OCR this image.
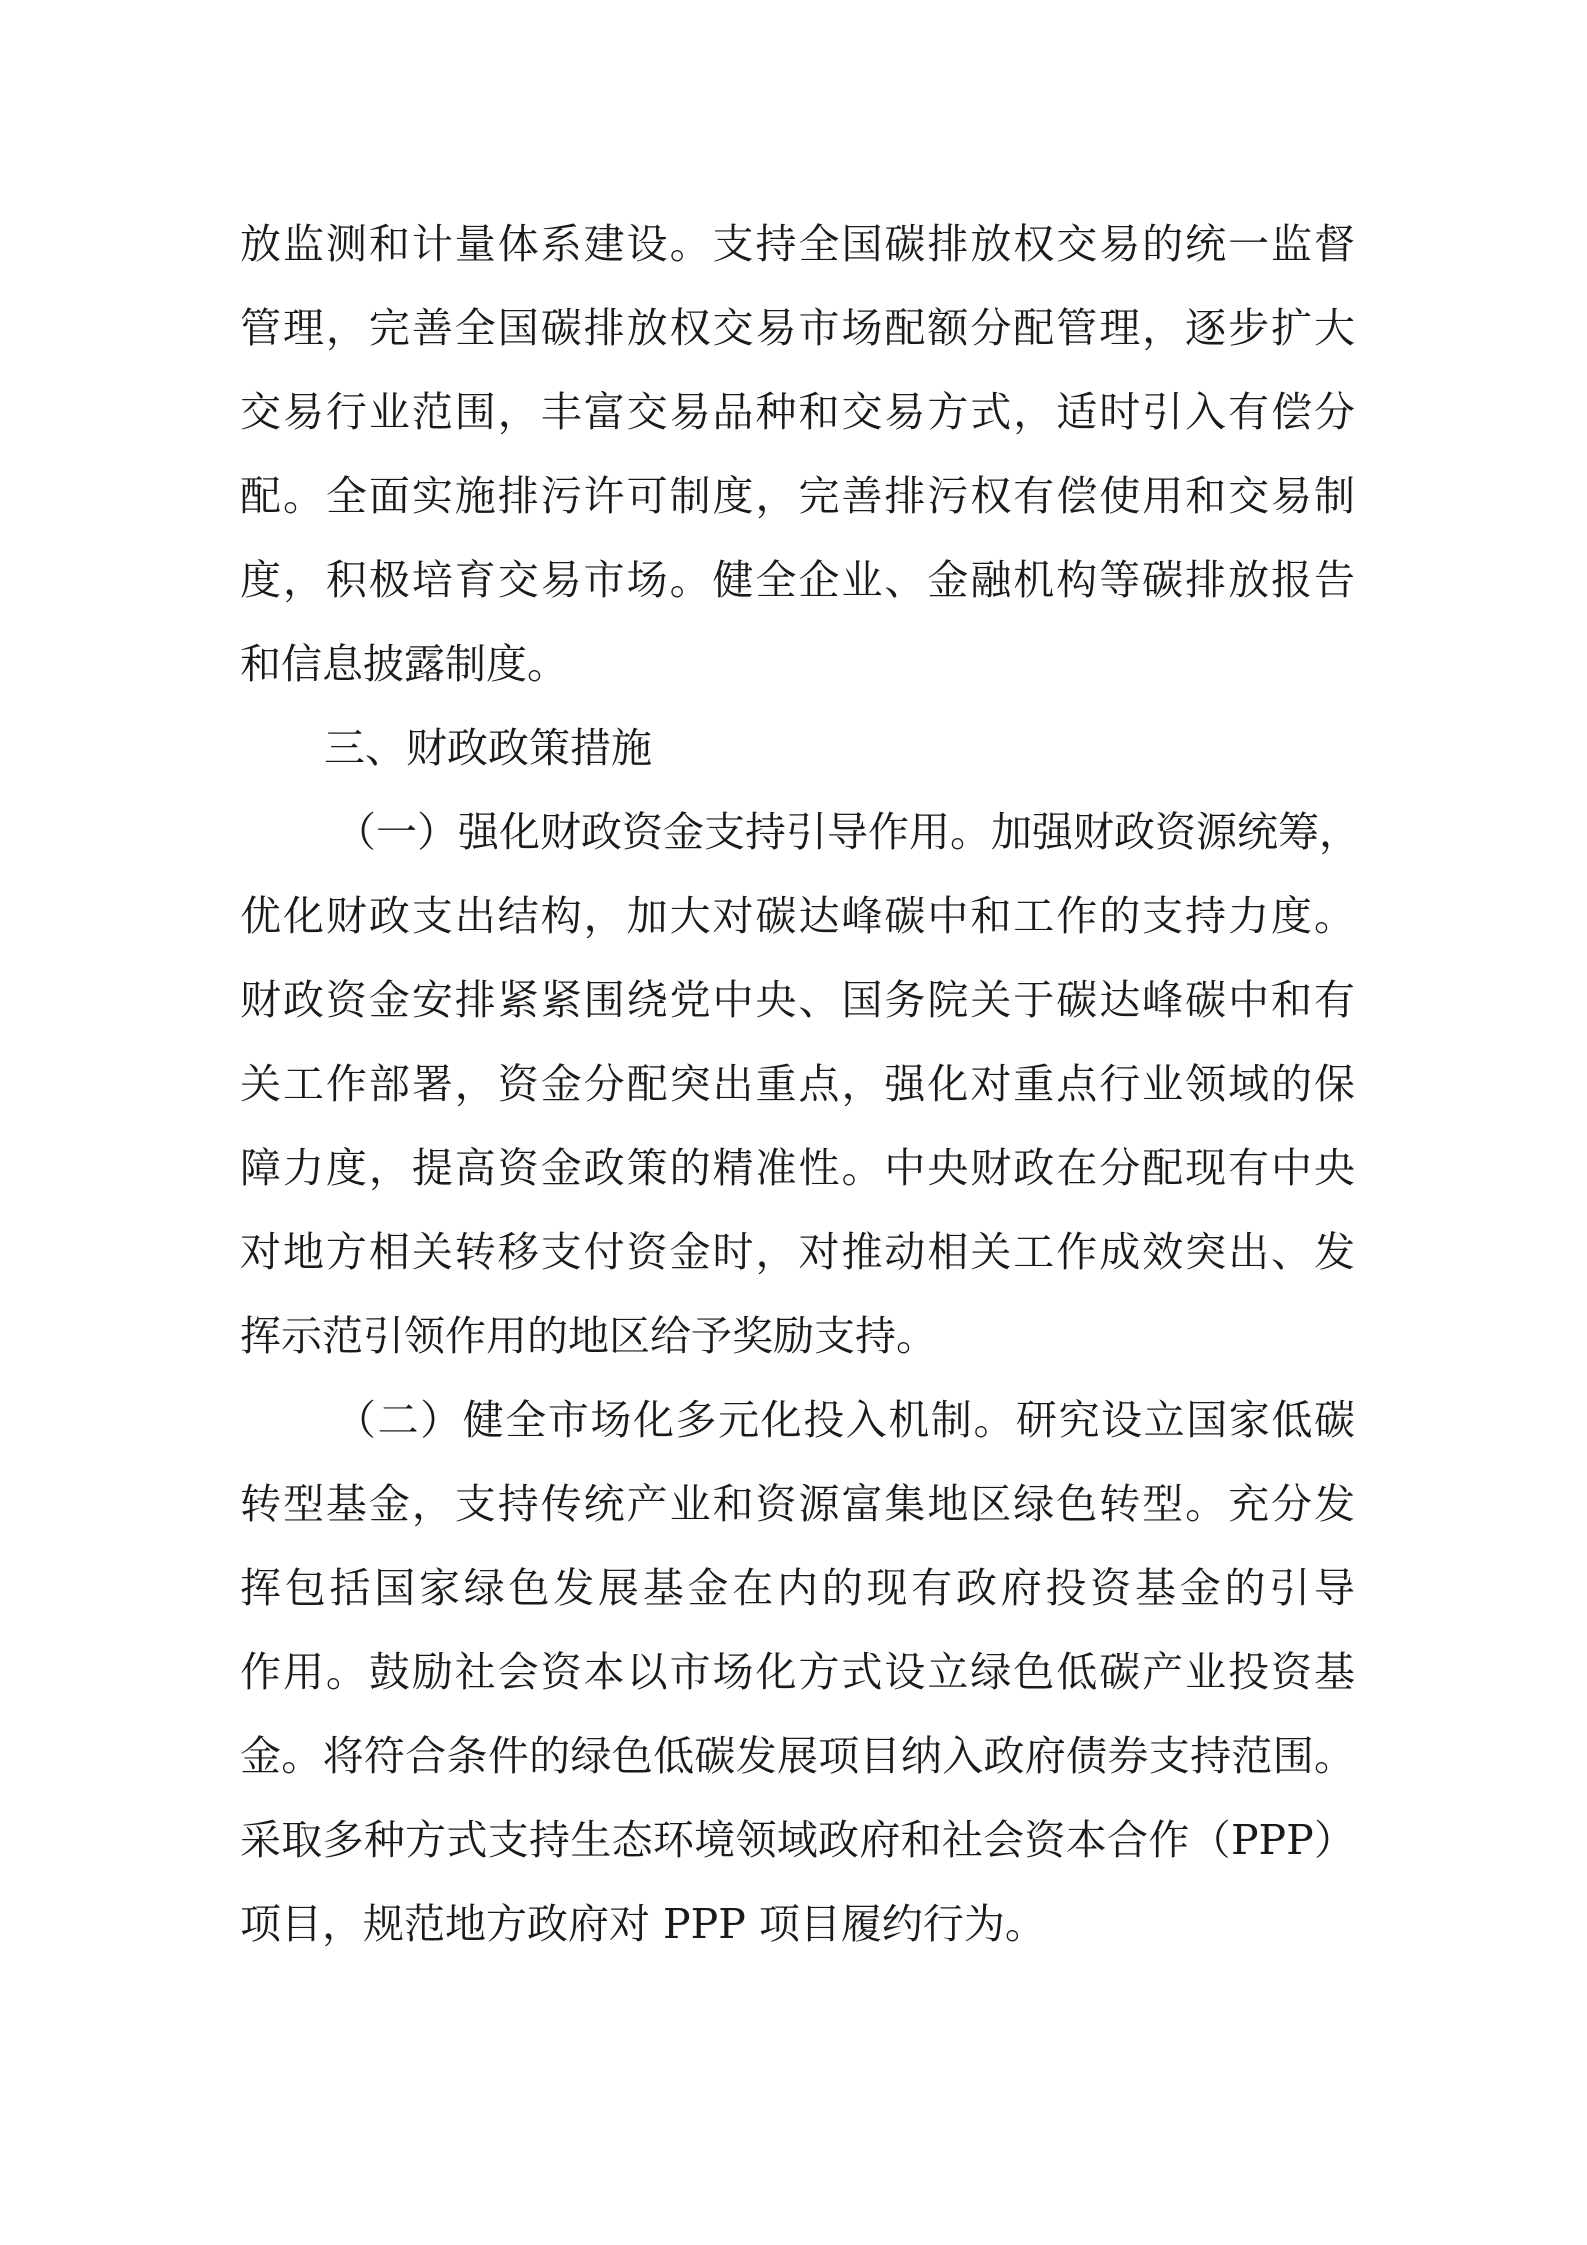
放监测和计量体系建设。支持全国碳排放权交易的统一监督
管理，完善全国碳排放权交易市场配额分配管理，逐步扩大
交易行业范围，丰富交易品种和交易方式，适时引入有偿分
配。全面实施排污许可制度，完善排污权有偿使用和交易制
度，积极培育交易市场。健全企业、金融机构等碳排放报告
和信息披露制度。
三、财政政策措施
（一）强化财政资金支持引导作用。加强财政资源统筹，
优化财政支出结构，加大对碳达峰碳中和工作的支持力度。
财政资金安排紧紧围绕党中央、国务院关于碳达峰碳中和有
关工作部署，资金分配突出重点，强化对重点行业领域的保
障力度，提高资金政策的精准性。中央财政在分配现有中央
对地方相关转移支付资金时，对推动相关工作成效突出、发
挥示范引领作用的地区给予奖励支持。
（二）健全市场化多元化投入机制。研究设立国家低碳
转型基金，支持传统产业和资源富集地区绿色转型。充分发
挥包括国家绿色发展基金在内的现有政府投资基金的引导
作用。鼓励社会资本以市场化方式设立绿色低碳产业投资基
金。将符合条件的绿色低碳发展项目纳入政府债券支持范围。
采取多种方式支持生态环境领域政府和社会资本合作（PPP）
项目，规范地方政府对 PPP 项目履约行为。
